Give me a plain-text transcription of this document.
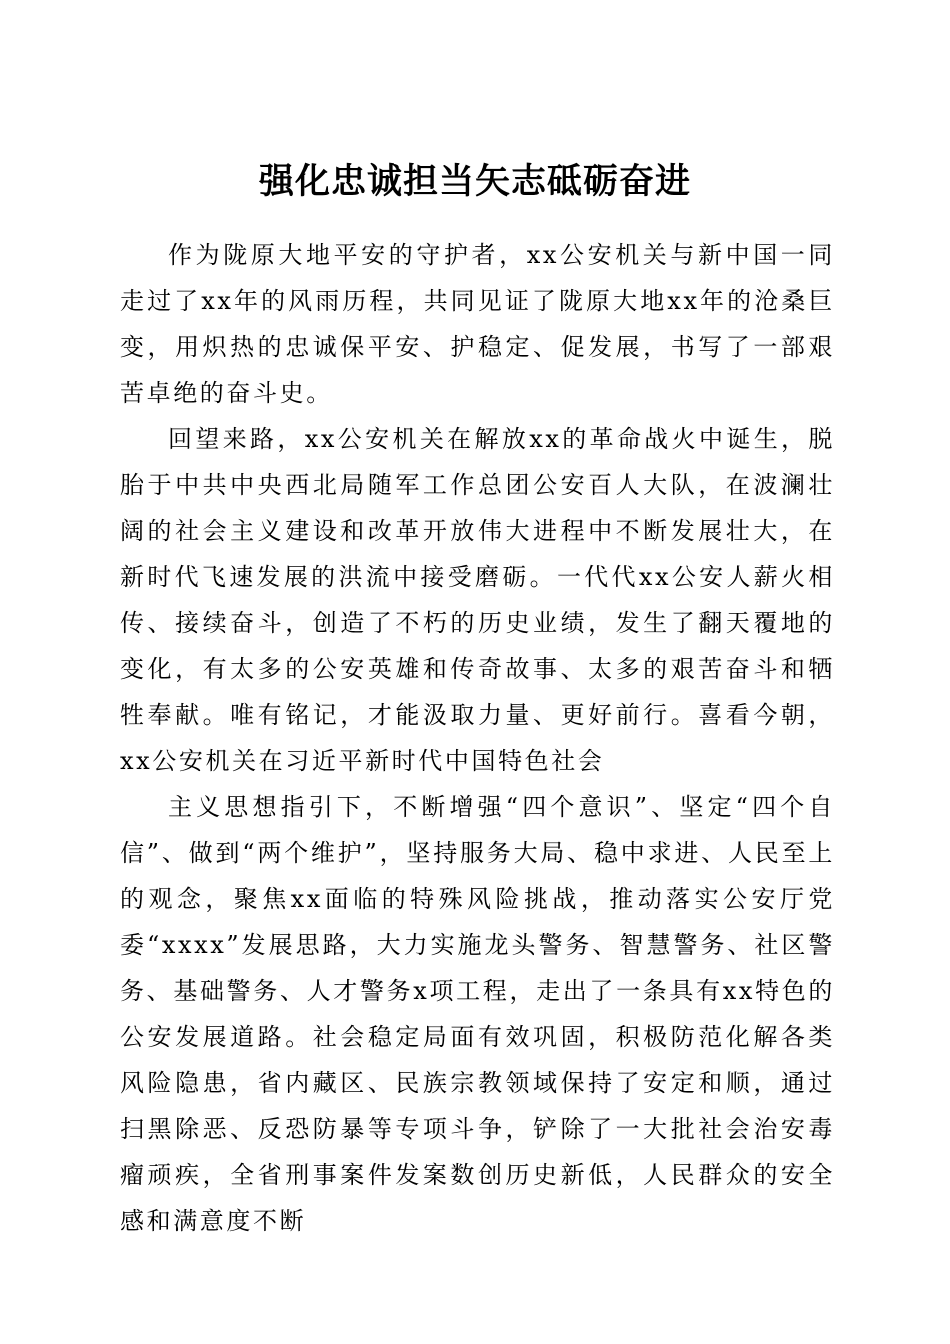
强化忠诚担当矢志砥砺奋进

作为陇原大地平安的守护者，xx公安机关与新中国一同走过了xx年的风雨历程，共同见证了陇原大地xx年的沧桑巨变，用炽热的忠诚保平安、护稳定、促发展，书写了一部艰苦卓绝的奋斗史。

回望来路，xx公安机关在解放xx的革命战火中诞生，脱胎于中共中央西北局随军工作总团公安百人大队，在波澜壮阔的社会主义建设和改革开放伟大进程中不断发展壮大，在新时代飞速发展的洪流中接受磨砺。一代代xx公安人薪火相传、接续奋斗，创造了不朽的历史业绩，发生了翻天覆地的变化，有太多的公安英雄和传奇故事、太多的艰苦奋斗和牺牲奉献。唯有铭记，才能汲取力量、更好前行。喜看今朝，xx公安机关在习近平新时代中国特色社会

主义思想指引下，不断增强“四个意识”、坚定“四个自信”、做到“两个维护”，坚持服务大局、稳中求进、人民至上的观念，聚焦xx面临的特殊风险挑战，推动落实公安厅党委“xxxx”发展思路，大力实施龙头警务、智慧警务、社区警务、基础警务、人才警务x项工程，走出了一条具有xx特色的公安发展道路。社会稳定局面有效巩固，积极防范化解各类风险隐患，省内藏区、民族宗教领域保持了安定和顺，通过扫黑除恶、反恐防暴等专项斗争，铲除了一大批社会治安毒瘤顽疾，全省刑事案件发案数创历史新低，人民群众的安全感和满意度不断
